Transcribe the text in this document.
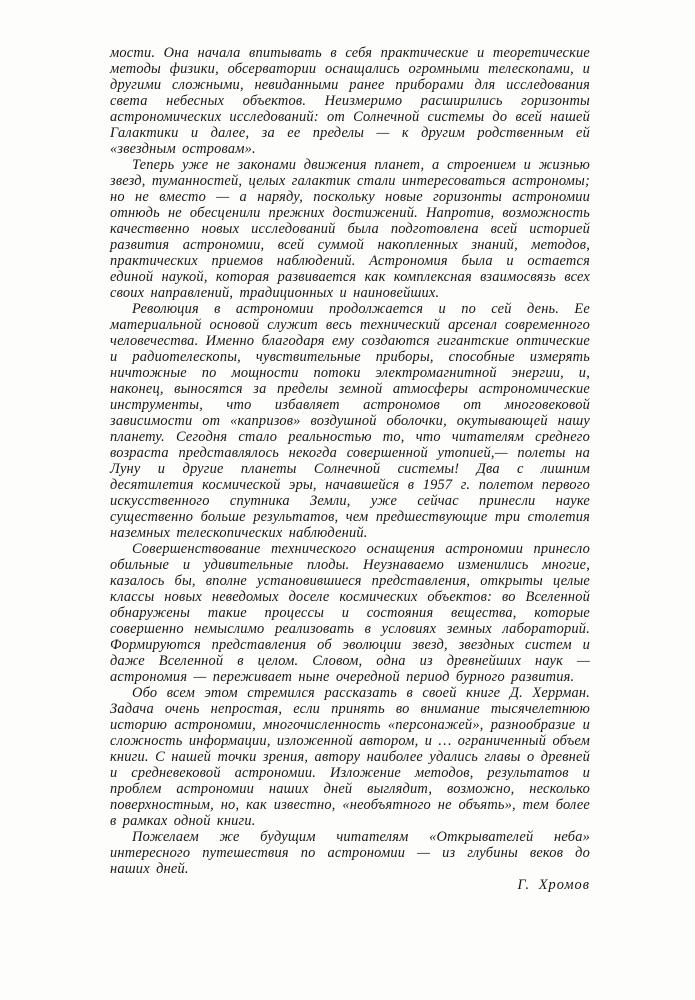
мости. Она начала впитывать в себя практические и теоретические методы физики, обсерватории оснащались огромными телескопами, и другими сложными, невиданными ранее приборами для исследования света небесных объектов. Неизмеримо расширились горизонты астрономических исследований: от Солнечной системы до всей нашей Галактики и далее, за ее пределы — к другим родственным ей «звездным островам».

Теперь уже не законами движения планет, а строением и жизнью звезд, туманностей, целых галактик стали интересоваться астрономы; но не вместо — а наряду, поскольку новые горизонты астрономии отнюдь не обесценили прежних достижений. Напротив, возможность качественно новых исследований была подготовлена всей историей развития астрономии, всей суммой накопленных знаний, методов, практических приемов наблюдений. Астрономия была и остается единой наукой, которая развивается как комплексная взаимосвязь всех своих направлений, традиционных и наиновейших.

Революция в астрономии продолжается и по сей день. Ее материальной основой служит весь технический арсенал современного человечества. Именно благодаря ему создаются гигантские оптические и радиотелескопы, чувствительные приборы, способные измерять ничтожные по мощности потоки электромагнитной энергии, и, наконец, выносятся за пределы земной атмосферы астрономические инструменты, что избавляет астрономов от многовековой зависимости от «капризов» воздушной оболочки, окутывающей нашу планету. Сегодня стало реальностью то, что читателям среднего возраста представлялось некогда совершенной утопией,— полеты на Луну и другие планеты Солнечной системы! Два с лишним десятилетия космической эры, начавшейся в 1957 г. полетом первого искусственного спутника Земли, уже сейчас принесли науке существенно больше результатов, чем предшествующие три столетия наземных телескопических наблюдений.

Совершенствование технического оснащения астрономии принесло обильные и удивительные плоды. Неузнаваемо изменились многие, казалось бы, вполне установившиеся представления, открыты целые классы новых неведомых доселе космических объектов: во Вселенной обнаружены такие процессы и состояния вещества, которые совершенно немыслимо реализовать в условиях земных лабораторий. Формируются представления об эволюции звезд, звездных систем и даже Вселенной в целом. Словом, одна из древнейших наук — астрономия — переживает ныне очередной период бурного развития.

Обо всем этом стремился рассказать в своей книге Д. Херрман. Задача очень непростая, если принять во внимание тысячелетнюю историю астрономии, многочисленность «персонажей», разнообразие и сложность информации, изложенной автором, и … ограниченный объем книги. С нашей точки зрения, автору наиболее удались главы о древней и средневековой астрономии. Изложение методов, результатов и проблем астрономии наших дней выглядит, возможно, несколько поверхностным, но, как известно, «необъятного не объять», тем более в рамках одной книги.

Пожелаем же будущим читателям «Открывателей неба» интересного путешествия по астрономии — из глубины веков до наших дней.

Г. Хромов
